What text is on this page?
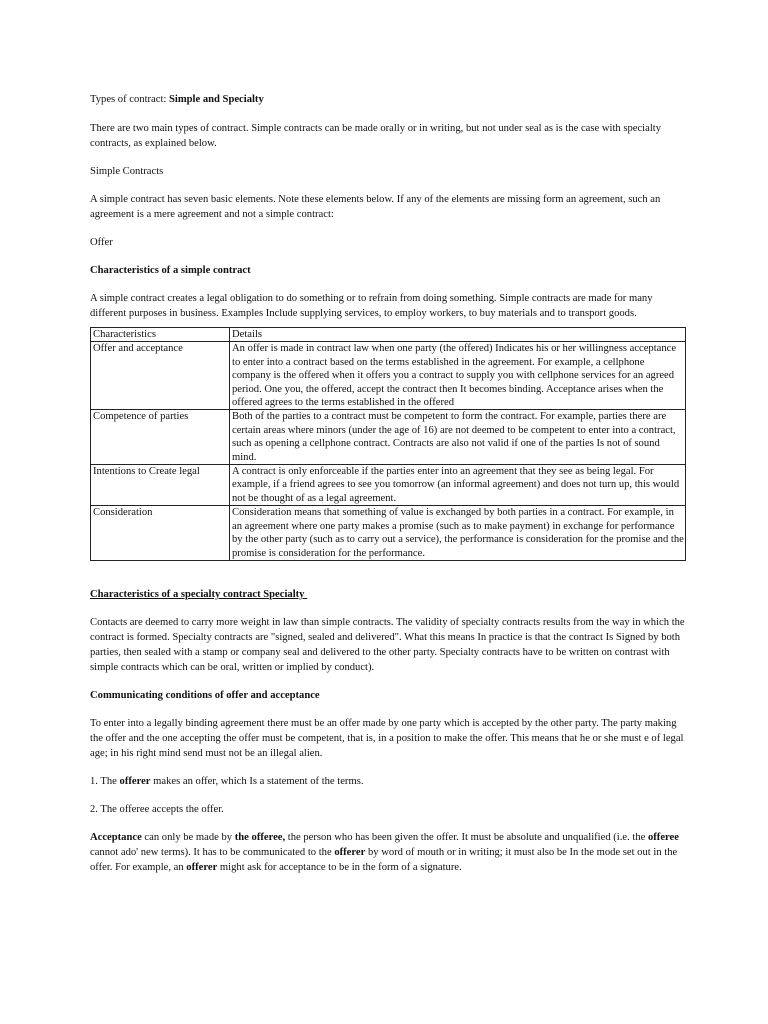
Types of contract: Simple and Specialty

There are two main types of contract. Simple contracts can be made orally or in writing, but not under seal as is the case with specialty contracts, as explained below.

Simple Contracts

A simple contract has seven basic elements. Note these elements below. If any of the elements are missing form an agreement, such an agreement is a mere agreement and not a simple contract:

Offer

Characteristics of a simple contract

A simple contract creates a legal obligation to do something or to refrain from doing something. Simple contracts are made for many different purposes in business. Examples Include supplying services, to employ workers, to buy materials and to transport goods.

Characteristics	Details
Offer and acceptance	An offer is made in contract law when one party (the offered) Indicates his or her willingness acceptance to enter into a contract based on the terms established in the agreement. For example, a cellphone company is the offered when it offers you a contract to supply you with cellphone services for an agreed period. One you, the offered, accept the contract then It becomes binding. Acceptance arises when the offered agrees to the terms established in the offered
Competence of parties	Both of the parties to a contract must be competent to form the contract. For example, parties there are certain areas where minors (under the age of 16) are not deemed to be competent to enter into a contract, such as opening a cellphone contract. Contracts are also not valid if one of the parties Is not of sound mind.
Intentions to Create legal	A contract is only enforceable if the parties enter into an agreement that they see as being legal. For example, if a friend agrees to see you tomorrow (an informal agreement) and does not turn up, this would not be thought of as a legal agreement.
Consideration	Consideration means that something of value is exchanged by both parties in a contract. For example, in an agreement where one party makes a promise (such as to make payment) in exchange for performance by the other party (such as to carry out a service), the performance is consideration for the promise and the promise is consideration for the performance.

Characteristics of a specialty contract Specialty

Contacts are deemed to carry more weight in law than simple contracts. The validity of specialty contracts results from the way in which the contract is formed. Specialty contracts are "signed, sealed and delivered". What this means In practice is that the contract Is Signed by both parties, then sealed with a stamp or company seal and delivered to the other party. Specialty contracts have to be written on contrast with simple contracts which can be oral, written or implied by conduct).

Communicating conditions of offer and acceptance

To enter into a legally binding agreement there must be an offer made by one party which is accepted by the other party. The party making the offer and the one accepting the offer must be competent, that is, in a position to make the offer. This means that he or she must e of legal age; in his right mind send must not be an illegal alien.

1. The offerer makes an offer, which Is a statement of the terms.

2. The offeree accepts the offer.

Acceptance can only be made by the offeree, the person who has been given the offer. It must be absolute and unqualified (i.e. the offeree cannot ado' new terms). It has to be communicated to the offerer by word of mouth or in writing; it must also be In the mode set out in the offer. For example, an offerer might ask for acceptance to be in the form of a signature.
